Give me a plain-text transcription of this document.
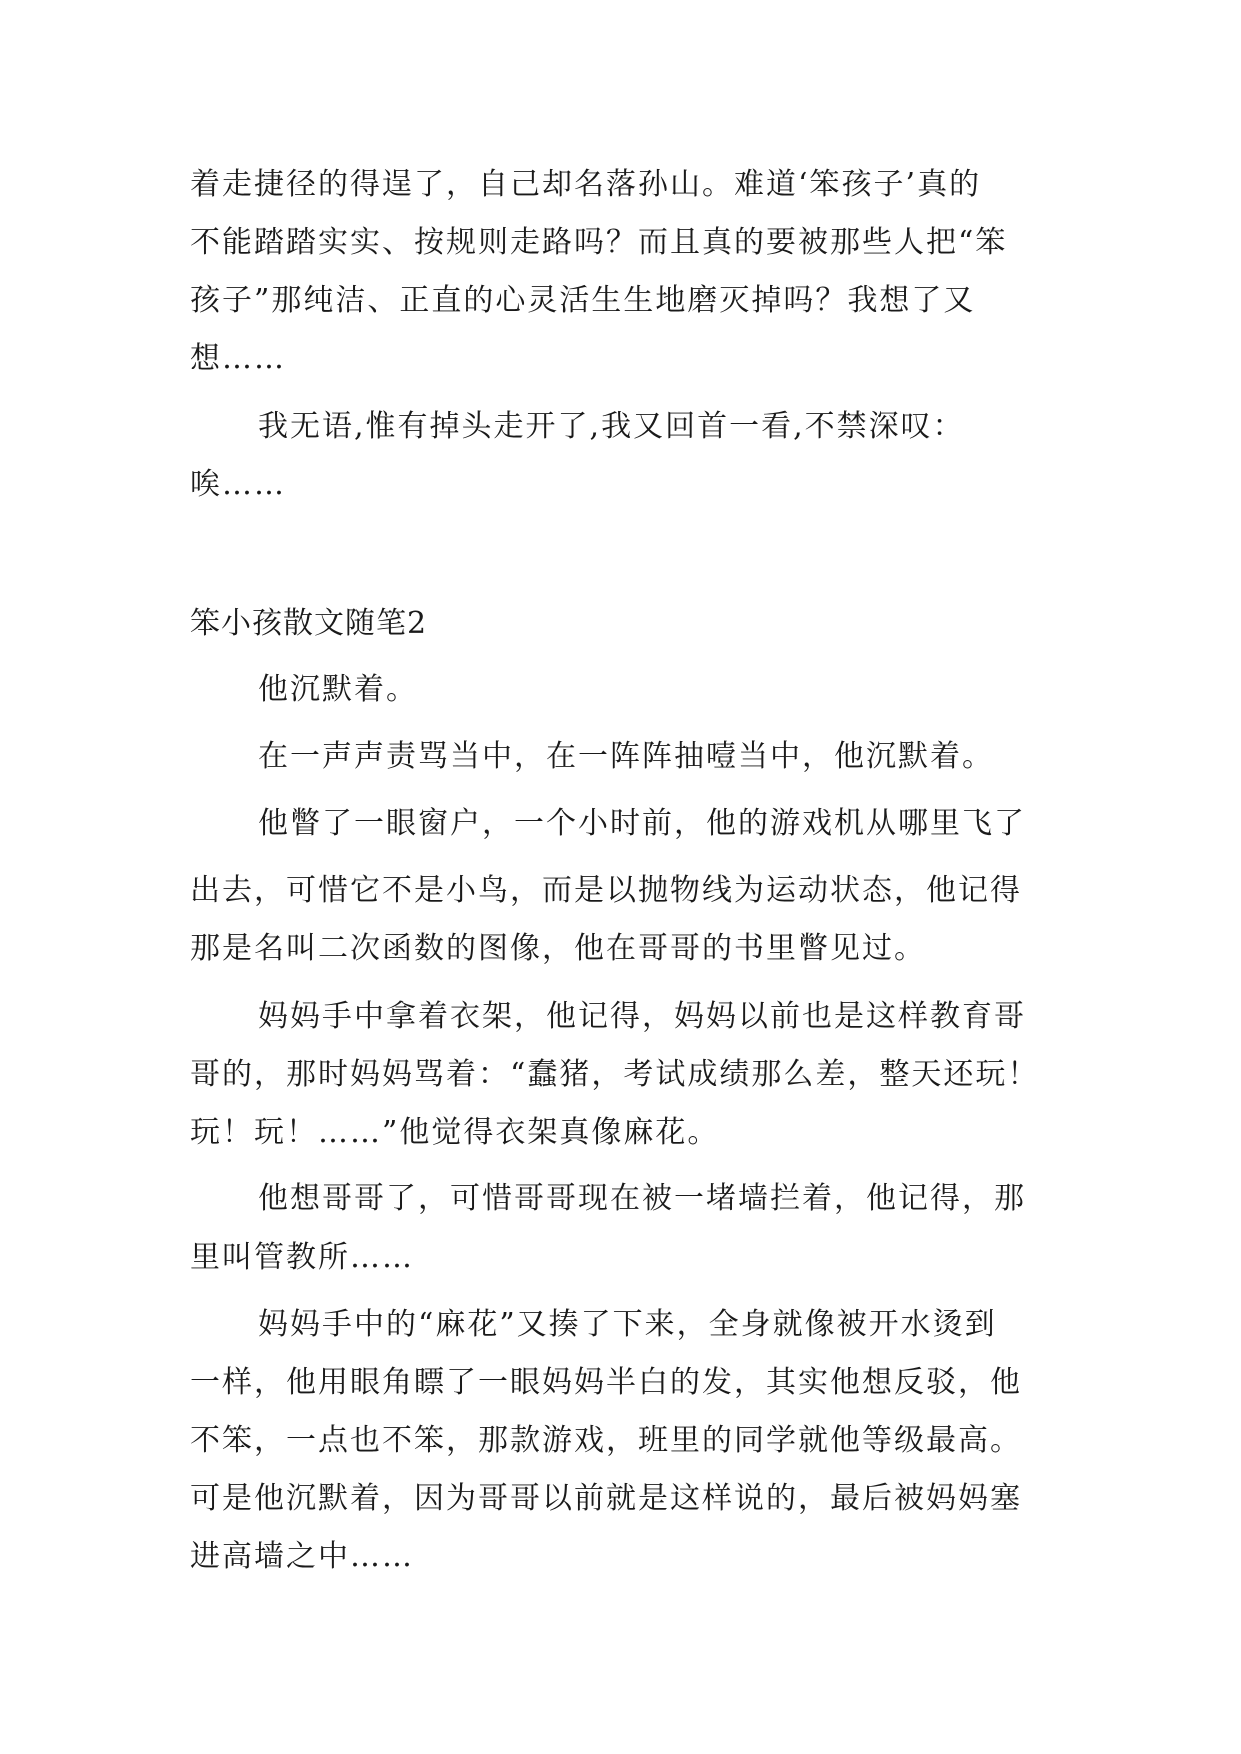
着走捷径的得逞了，自己却名落孙山。难道‘笨孩子’真的
不能踏踏实实、按规则走路吗？而且真的要被那些人把“笨
孩子”那纯洁、正直的心灵活生生地磨灭掉吗？我想了又
想……
我无语,惟有掉头走开了,我又回首一看,不禁深叹：
唉……
笨小孩散文随笔2
他沉默着。
在一声声责骂当中，在一阵阵抽噎当中，他沉默着。
他瞥了一眼窗户，一个小时前，他的游戏机从哪里飞了
出去，可惜它不是小鸟，而是以抛物线为运动状态，他记得
那是名叫二次函数的图像，他在哥哥的书里瞥见过。
妈妈手中拿着衣架，他记得，妈妈以前也是这样教育哥
哥的，那时妈妈骂着：“蠢猪，考试成绩那么差，整天还玩！
玩！玩！……”他觉得衣架真像麻花。
他想哥哥了，可惜哥哥现在被一堵墙拦着，他记得，那
里叫管教所……
妈妈手中的“麻花”又揍了下来，全身就像被开水烫到
一样，他用眼角瞟了一眼妈妈半白的发，其实他想反驳，他
不笨，一点也不笨，那款游戏，班里的同学就他等级最高。
可是他沉默着，因为哥哥以前就是这样说的，最后被妈妈塞
进高墙之中……
